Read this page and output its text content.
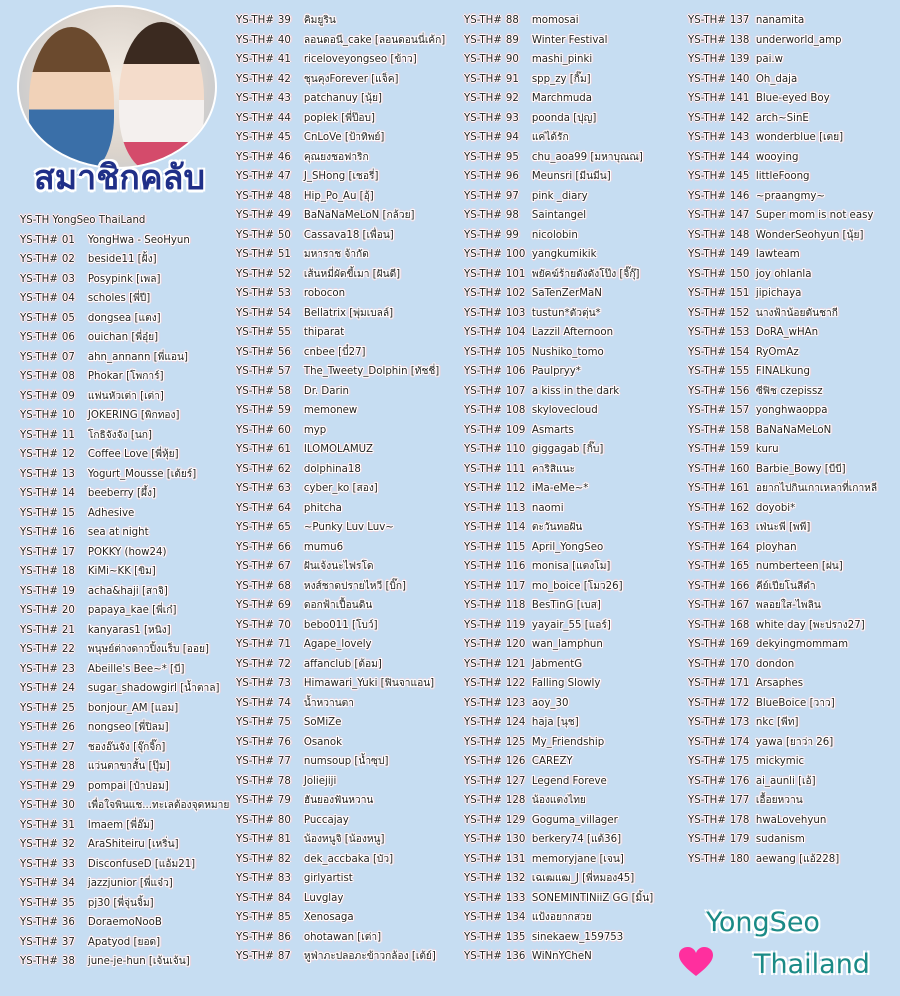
สมาชิกคลับ
YS-TH YongSeo ThaiLand
YS-TH# 01 YongHwa - SeoHyun
YS-TH# 02 beside11 [ฝั้ง]
YS-TH# 03 Posypink [เพล]
YS-TH# 04 scholes [พี่ปี]
YS-TH# 05 dongsea [แตง]
YS-TH# 06 ouichan [พี่อุ๋ย]
YS-TH# 07 ahn_annann [พี่แอน]
YS-TH# 08 Phokar [โพการ์]
YS-TH# 09 แฟนหัวเต่า [เต่า]
YS-TH# 10 JOKERING [พิกทอง]
YS-TH# 11 โกธิจังจัง [นก]
YS-TH# 12 Coffee Love [พี่หุ้ย]
YS-TH# 13 Yogurt_Mousse [เต้ยร์]
YS-TH# 14 beeberry [ผึ้ง]
YS-TH# 15 Adhesive
YS-TH# 16 sea at night
YS-TH# 17 POKKY (how24)
YS-TH# 18 KiMi~KK [ขิม]
YS-TH# 19 acha&haji [สาจิ]
YS-TH# 20 papaya_kae [พี่เก๋]
YS-TH# 21 kanyaras1 [หนิง]
YS-TH# 22 พนุษย์ต่างดาวปิ้งแร็บ [ออย]
YS-TH# 23 Abeille's Bee~* [บี]
YS-TH# 24 sugar_shadowgirl [น้ำตาล]
YS-TH# 25 bonjour_AM [แอม]
YS-TH# 26 nongseo [พี่ปิลม]
YS-TH# 27 ชองอ๊นจัง [จุ๊กจิ๊ก]
YS-TH# 28 แว่นตาขาสั้น [ปุ๊ม]
YS-TH# 29 pompai [ป๋าปอม]
YS-TH# 30 เพื่อใจพินแช...ทะเลต้องจุดหมาย
YS-TH# 31 lmaem [พี่อ๊ม]
YS-TH# 32 AraShiteiru [เหริ่น]
YS-TH# 33 DisconfuseD [แอ้ม21]
YS-TH# 34 jazzjunior [พี่แจ๋ว]
YS-TH# 35 pj30 [พี่จุ่นจิ้ม]
YS-TH# 36 DoraemoNooB
YS-TH# 37 Apatyod [ยอด]
YS-TH# 38 june-je-hun [เจ้นเจ้น]
YS-TH# 39 คิมยูริน
YS-TH# 40 ลอนดอนี_cake [ลอนดอนนี่เค้ก]
YS-TH# 41 riceloveyongseo [ข้าว]
YS-TH# 42 ชุนคุงForever [แจ็ค]
YS-TH# 43 patchanuy [นุ้ย]
YS-TH# 44 poplek [พี่ป๊อบ]
YS-TH# 45 CnLoVe [ป้าทิพย์]
YS-TH# 46 คุณยงชอฟาริก
YS-TH# 47 J_SHong [เชอรี่]
YS-TH# 48 Hip_Po_Au [อุ้]
YS-TH# 49 BaNaNaMeLoN [กล้วย]
YS-TH# 50 Cassava18 [เพื่อน]
YS-TH# 51 มหาราช จ้ากัด
YS-TH# 52 เส้นหมี่ผัดขี้เมา [ฝันดี]
YS-TH# 53 robocon
YS-TH# 54 Bellatrix [พุ่มเบลล์]
YS-TH# 55 thiparat
YS-TH# 56 cnbee [บี๋27]
YS-TH# 57 The_Tweety_Dolphin [ทัชชี่]
YS-TH# 58 Dr. Darin
YS-TH# 59 memonew
YS-TH# 60 myp
YS-TH# 61 ILOMOLAMUZ
YS-TH# 62 dolphina18
YS-TH# 63 cyber_ko [สอง]
YS-TH# 64 phitcha
YS-TH# 65 ~Punky Luv Luv~
YS-TH# 66 mumu6
YS-TH# 67 ฝันเจ้งนะไฟรโด
YS-TH# 68 หงส์ชาดปรายไหวี [บิ๊ก]
YS-TH# 69 ดอกฟ้าเปื้อนดิน
YS-TH# 70 bebo011 [โบว์]
YS-TH# 71 Agape_lovely
YS-TH# 72 affanclub [ต้อม]
YS-TH# 73 Himawari_Yuki [ฟินจาแอน]
YS-TH# 74 น้ำหวานตา
YS-TH# 75 SoMiZe
YS-TH# 76 Osanok
YS-TH# 77 numsoup [น้ำซุป]
YS-TH# 78 Joliejiji
YS-TH# 79 ฮันยองฟันหวาน
YS-TH# 80 Puccajay
YS-TH# 81 น้องหนูจิ [น้องหนู]
YS-TH# 82 dek_accbaka [บัว]
YS-TH# 83 girlyartist
YS-TH# 84 Luvglay
YS-TH# 85 Xenosaga
YS-TH# 86 ohotawan [เต่า]
YS-TH# 87 หูฟ่าภะปลอภะข้าวกล้อง [เต้ย์]
YS-TH# 88 momosai
YS-TH# 89 Winter Festival
YS-TH# 90 mashi_pinki
YS-TH# 91 spp_zy [กิ๊ม]
YS-TH# 92 Marchmuda
YS-TH# 93 poonda [ปุญ]
YS-TH# 94 แค่ได้รัก
YS-TH# 95 chu_aoa99 [มหาบุณณ]
YS-TH# 96 Meunsri [มีนมีน]
YS-TH# 97 pink _diary
YS-TH# 98 Saintangel
YS-TH# 99 nicolobin
YS-TH# 100 yangkumikik
YS-TH# 101 พยัคฆ์ร้ายดังดังโป๊ง [จิ๊กุ๊]
YS-TH# 102 SaTenZerMaN
YS-TH# 103 tustun*ตัวตุ่น*
YS-TH# 104 Lazzil Afternoon
YS-TH# 105 Nushiko_tomo
YS-TH# 106 Paulpryy*
YS-TH# 107 a kiss in the dark
YS-TH# 108 skylovecloud
YS-TH# 109 Asmarts
YS-TH# 110 giggagab [กิ๊บ]
YS-TH# 111 คาริสิแนะ
YS-TH# 112 iMa-eMe~*
YS-TH# 113 naomi
YS-TH# 114 ตะวันทอฝัน
YS-TH# 115 April_YongSeo
YS-TH# 116 monisa [แตงโม]
YS-TH# 117 mo_boice [โมว26]
YS-TH# 118 BesTinG [เบส]
YS-TH# 119 yayair_55 [แอร์]
YS-TH# 120 wan_lamphun
YS-TH# 121 JabmentG
YS-TH# 122 Falling Slowly
YS-TH# 123 aoy_30
YS-TH# 124 haja [นุช]
YS-TH# 125 My_Friendship
YS-TH# 126 CAREZY
YS-TH# 127 Legend Foreve
YS-TH# 128 น้องแตงไทย
YS-TH# 129 Goguma_villager
YS-TH# 130 berkery74 [แต้36]
YS-TH# 131 memoryjane [เจน]
YS-TH# 132 เฉเฒแฒ_J [พี่หมอง45]
YS-TH# 133 SONEMINTINiiZ GG [มิ้น]
YS-TH# 134 แป้งอยากสวย
YS-TH# 135 sinekaew_159753
YS-TH# 136 WiNnYCheN
YS-TH# 137 nanamita
YS-TH# 138 underworld_amp
YS-TH# 139 pai.w
YS-TH# 140 Oh_daja
YS-TH# 141 Blue-eyed Boy
YS-TH# 142 arch~SinE
YS-TH# 143 wonderblue [เตย]
YS-TH# 144 wooying
YS-TH# 145 littleFoong
YS-TH# 146 ~praangmy~
YS-TH# 147 Super mom is not easy
YS-TH# 148 WonderSeohyun [นุ้ย]
YS-TH# 149 lawteam
YS-TH# 150 joy ohlanla
YS-TH# 151 jipichaya
YS-TH# 152 นางฟ้าน้อยตันชากี
YS-TH# 153 DoRA_wHAn
YS-TH# 154 RyOmAz
YS-TH# 155 FINALkung
YS-TH# 156 ซีฟิช czepissz
YS-TH# 157 yonghwaoppa
YS-TH# 158 BaNaNaMeLoN
YS-TH# 159 kuru
YS-TH# 160 Barbie_Bowy [บีบี]
YS-TH# 161 อยากไปกินเกาเหลาที่เกาหลี
YS-TH# 162 doyobi*
YS-TH# 163 เฟ่นะพี [พพี]
YS-TH# 164 ployhan
YS-TH# 165 numberteen [ฝน]
YS-TH# 166 คีย์เปียโนสีดำ
YS-TH# 167 พลอยใส-ไพลิน
YS-TH# 168 white day [พะปราง27]
YS-TH# 169 dekyingmommam
YS-TH# 170 dondon
YS-TH# 171 Arsaphes
YS-TH# 172 BlueBoice [วาว]
YS-TH# 173 nkc [พีท]
YS-TH# 174 yawa [ยาว่า 26]
YS-TH# 175 mickymic
YS-TH# 176 ai_aunli [เอ้]
YS-TH# 177 เอื้อยหวาน
YS-TH# 178 hwaLovehyun
YS-TH# 179 sudanism
YS-TH# 180 aewang [แอ้228]
YongSeo
Thailand
